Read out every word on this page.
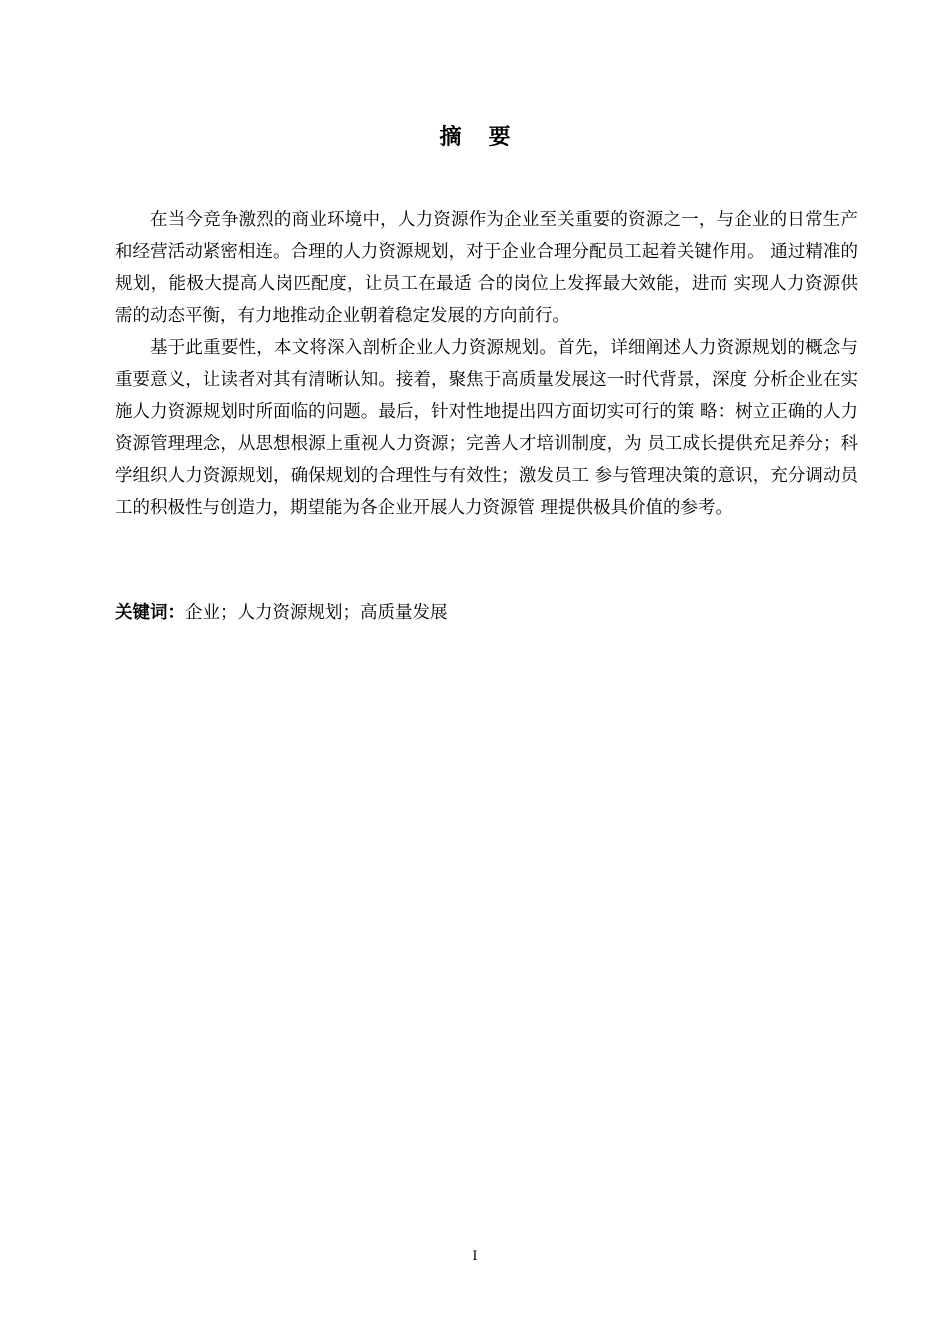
摘要

在当今竞争激烈的商业环境中，人力资源作为企业至关重要的资源之一，与企业的日常生产和经营活动紧密相连。合理的人力资源规划，对于企业合理分配员工起着关键作用。 通过精准的规划，能极大提高人岗匹配度，让员工在最适 合的岗位上发挥最大效能，进而 实现人力资源供需的动态平衡，有力地推动企业朝着稳定发展的方向前行。

基于此重要性，本文将深入剖析企业人力资源规划。首先，详细阐述人力资源规划的概念与重要意义，让读者对其有清晰认知。接着，聚焦于高质量发展这一时代背景，深度 分析企业在实施人力资源规划时所面临的问题。最后，针对性地提出四方面切实可行的策 略：树立正确的人力资源管理理念，从思想根源上重视人力资源；完善人才培训制度，为 员工成长提供充足养分；科学组织人力资源规划，确保规划的合理性与有效性；激发员工 参与管理决策的意识，充分调动员工的积极性与创造力，期望能为各企业开展人力资源管 理提供极具价值的参考。

关键词：企业；人力资源规划；高质量发展
I
